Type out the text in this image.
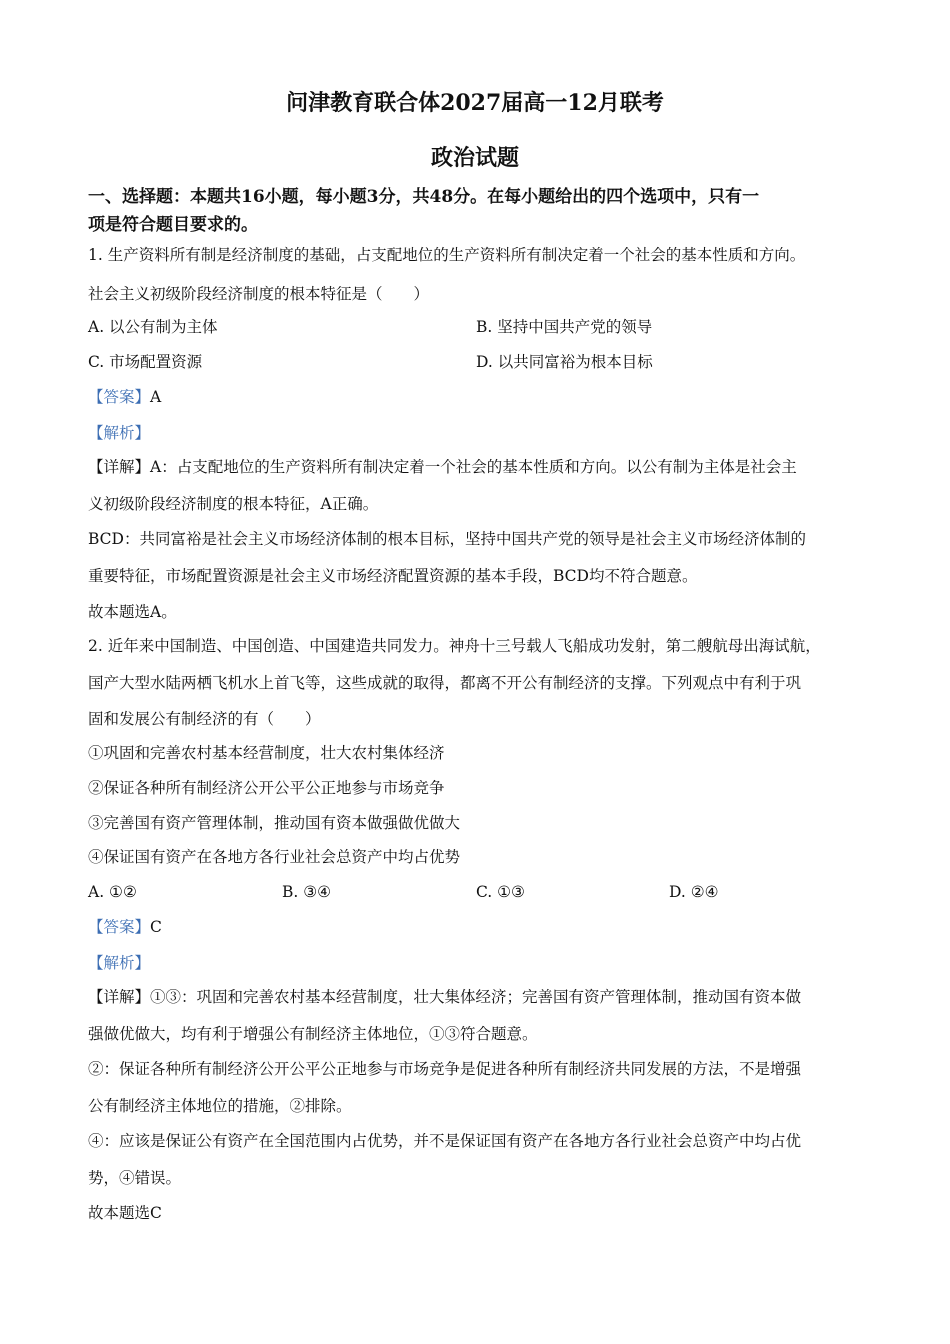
问津教育联合体2027届高一12月联考
政治试题
一、选择题：本题共16小题，每小题3分，共48分。在每小题给出的四个选项中，只有一
项是符合题目要求的。
1. 生产资料所有制是经济制度的基础，占支配地位的生产资料所有制决定着一个社会的基本性质和方向。
社会主义初级阶段经济制度的根本特征是（　　）
A. 以公有制为主体	B. 坚持中国共产党的领导
C. 市场配置资源	D. 以共同富裕为根本目标
【答案】A
【解析】
【详解】A：占支配地位的生产资料所有制决定着一个社会的基本性质和方向。以公有制为主体是社会主
义初级阶段经济制度的根本特征，A正确。
BCD：共同富裕是社会主义市场经济体制的根本目标，坚持中国共产党的领导是社会主义市场经济体制的
重要特征，市场配置资源是社会主义市场经济配置资源的基本手段，BCD均不符合题意。
故本题选A。
2. 近年来中国制造、中国创造、中国建造共同发力。神舟十三号载人飞船成功发射，第二艘航母出海试航，
国产大型水陆两栖飞机水上首飞等，这些成就的取得，都离不开公有制经济的支撑。下列观点中有利于巩
固和发展公有制经济的有（　　）
①巩固和完善农村基本经营制度，壮大农村集体经济
②保证各种所有制经济公开公平公正地参与市场竞争
③完善国有资产管理体制，推动国有资本做强做优做大
④保证国有资产在各地方各行业社会总资产中均占优势
A. ①②	B. ③④	C. ①③	D. ②④
【答案】C
【解析】
【详解】①③：巩固和完善农村基本经营制度，壮大集体经济；完善国有资产管理体制，推动国有资本做
强做优做大，均有利于增强公有制经济主体地位，①③符合题意。
②：保证各种所有制经济公开公平公正地参与市场竞争是促进各种所有制经济共同发展的方法，不是增强
公有制经济主体地位的措施，②排除。
④：应该是保证公有资产在全国范围内占优势，并不是保证国有资产在各地方各行业社会总资产中均占优
势，④错误。
故本题选C
